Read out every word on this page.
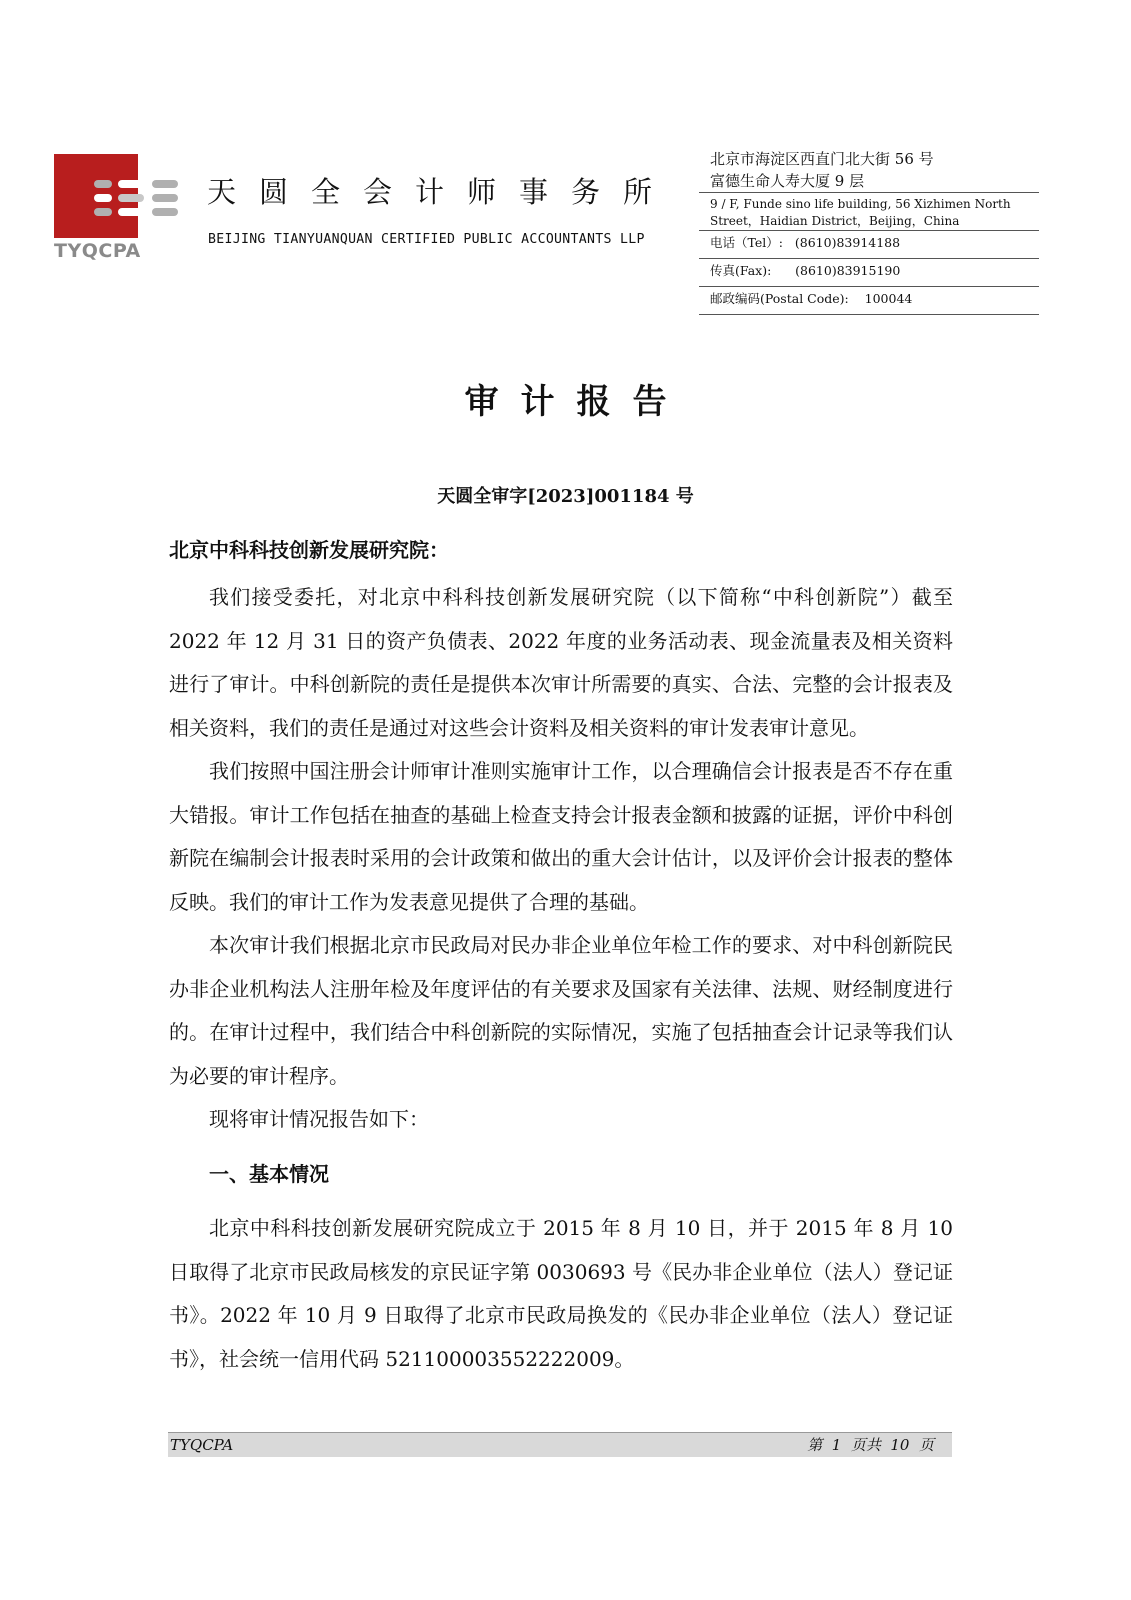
TYQCPA
天圆全会计师事务所
BEIJING TIANYUANQUAN CERTIFIED PUBLIC ACCOUNTANTS LLP
北京市海淀区西直门北大街 56 号
富德生命人寿大厦 9 层
9 / F, Funde sino life building, 56 Xizhimen North
Street，Haidian District，Beijing，China
电话（Tel）:   (8610)83914188
传真(Fax):      (8610)83915190
邮政编码(Postal Code):    100044
审计报告
天圆全审字[2023]001184 号
北京中科科技创新发展研究院：

我们接受委托，对北京中科科技创新发展研究院（以下简称“中科创新院”）截至 2022 年 12 月 31 日的资产负债表、2022 年度的业务活动表、现金流量表及相关资料进行了审计。中科创新院的责任是提供本次审计所需要的真实、合法、完整的会计报表及相关资料，我们的责任是通过对这些会计资料及相关资料的审计发表审计意见。

我们按照中国注册会计师审计准则实施审计工作，以合理确信会计报表是否不存在重大错报。审计工作包括在抽查的基础上检查支持会计报表金额和披露的证据，评价中科创新院在编制会计报表时采用的会计政策和做出的重大会计估计，以及评价会计报表的整体反映。我们的审计工作为发表意见提供了合理的基础。

本次审计我们根据北京市民政局对民办非企业单位年检工作的要求、对中科创新院民办非企业机构法人注册年检及年度评估的有关要求及国家有关法律、法规、财经制度进行的。在审计过程中，我们结合中科创新院的实际情况，实施了包括抽查会计记录等我们认为必要的审计程序。

现将审计情况报告如下：

一、基本情况

北京中科科技创新发展研究院成立于 2015 年 8 月 10 日，并于 2015 年 8 月 10 日取得了北京市民政局核发的京民证字第 0030693 号《民办非企业单位（法人）登记证书》。2022 年 10 月 9 日取得了北京市民政局换发的《民办非企业单位（法人）登记证书》，社会统一信用代码 521100003552222009。

TYQCPA	第  1  页共  10  页
